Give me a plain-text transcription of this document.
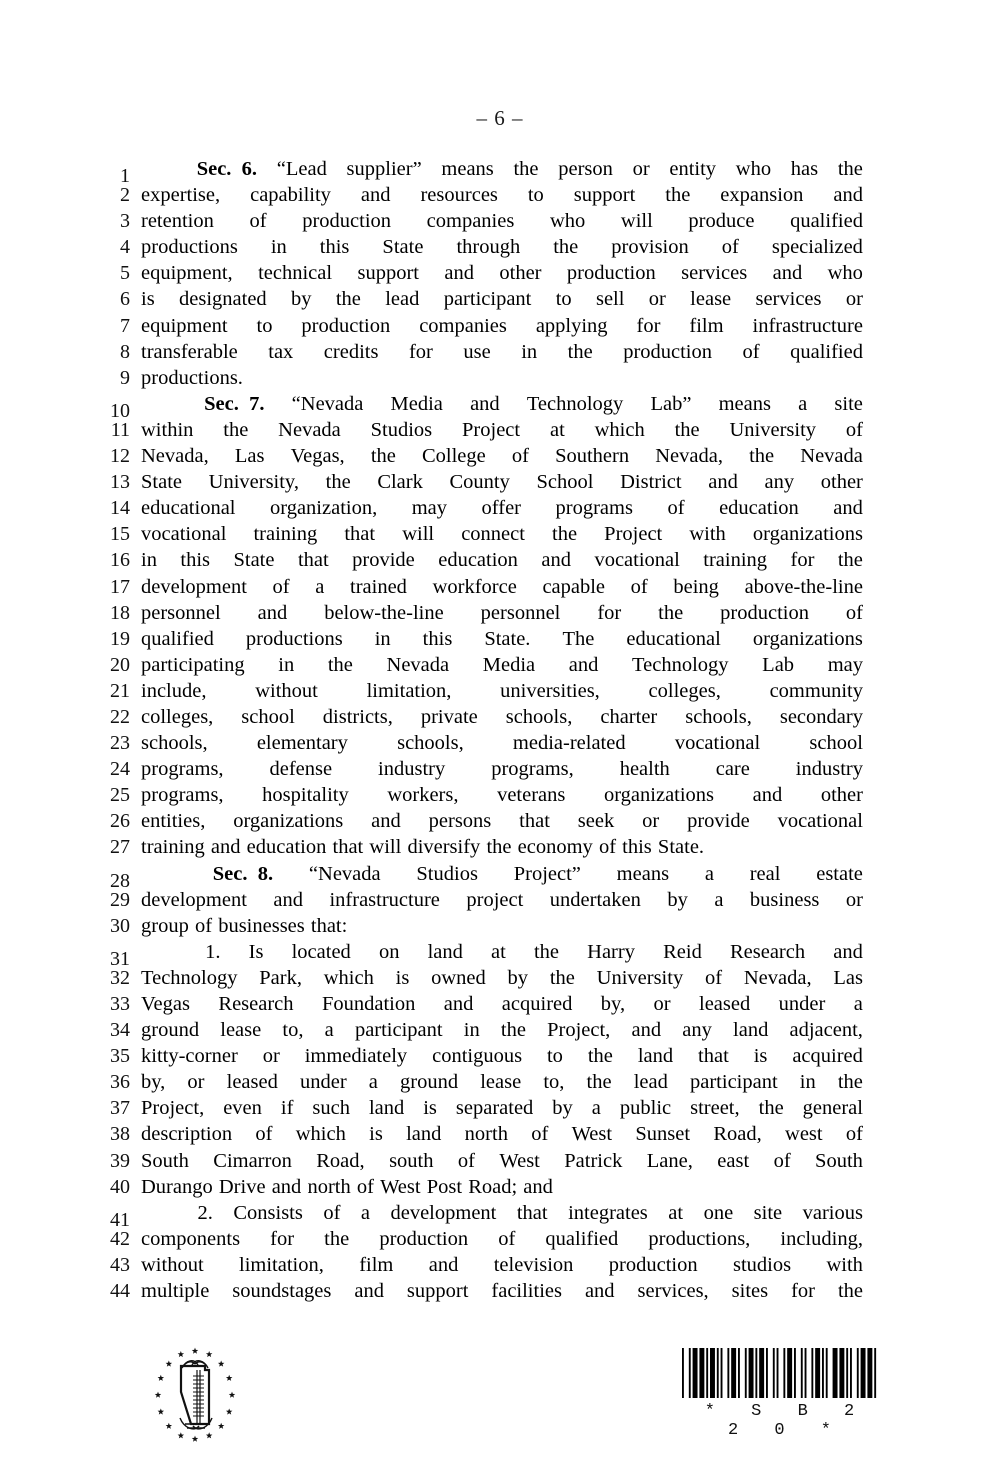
– 6 –
1	Sec.  6. “Lead supplier” means the person or entity who has the
2 expertise, capability and resources to support the expansion and
3 retention of production companies who will produce qualified
4 productions in this State through the provision of specialized
5 equipment, technical support and other production services and who
6 is designated by the lead participant to sell or lease services or
7 equipment to production companies applying for film infrastructure
8 transferable tax credits for use in the production of qualified
9 productions.
10	Sec.  7. “Nevada Media and Technology Lab” means a site
11 within the Nevada Studios Project at which the University of
12 Nevada, Las Vegas, the College of Southern Nevada, the Nevada
13 State University, the Clark County School District and any other
14 educational organization, may offer programs of education and
15 vocational training that will connect the Project with organizations
16 in this State that provide education and vocational training for the
17 development of a trained workforce capable of being above-the-line
18 personnel and below-the-line personnel for the production of
19 qualified productions in this State. The educational organizations
20 participating in the Nevada Media and Technology Lab may
21 include, without limitation, universities, colleges, community
22 colleges, school districts, private schools, charter schools, secondary
23 schools, elementary schools, media-related vocational school
24 programs, defense industry programs, health care industry
25 programs, hospitality workers, veterans organizations and other
26 entities, organizations and persons that seek or provide vocational
27 training and education that will diversify the economy of this State.
28	Sec.  8. “Nevada Studios Project” means a real estate
29 development and infrastructure project undertaken by a business or
30 group of businesses that:
31	1. Is located on land at the Harry Reid Research and
32 Technology Park, which is owned by the University of Nevada, Las
33 Vegas Research Foundation and acquired by, or leased under a
34 ground lease to, a participant in the Project, and any land adjacent,
35 kitty-corner or immediately contiguous to the land that is acquired
36 by, or leased under a ground lease to, the lead participant in the
37 Project, even if such land is separated by a public street, the general
38 description of which is land north of West Sunset Road, west of
39 South Cimarron Road, south of West Patrick Lane, east of South
40 Durango Drive and north of West Post Road; and
41	2. Consists of a development that integrates at one site various
42 components for the production of qualified productions, including,
43 without limitation, film and television production studios with
44 multiple soundstages and support facilities and services, sites for the
* S B 2 2 0 *
